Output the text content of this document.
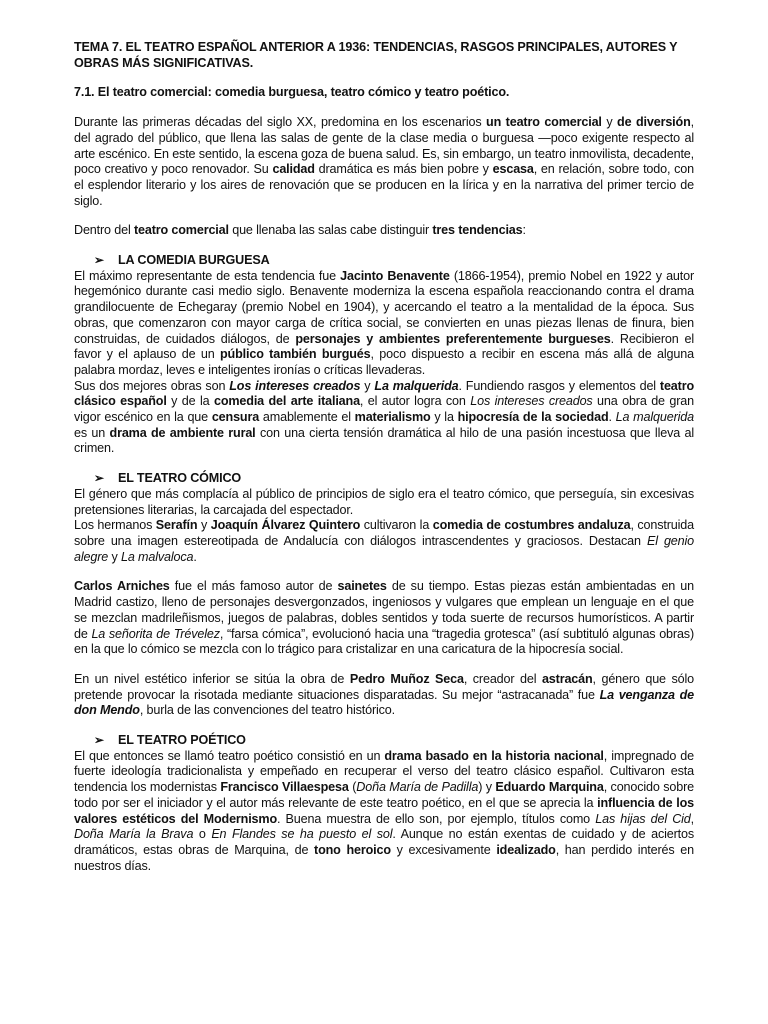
TEMA 7. EL TEATRO ESPAÑOL ANTERIOR A 1936: TENDENCIAS, RASGOS PRINCIPALES, AUTORES Y OBRAS MÁS SIGNIFICATIVAS.
7.1. El teatro comercial: comedia burguesa, teatro cómico y teatro poético.

Durante las primeras décadas del siglo XX, predomina en los escenarios un teatro comercial y de diversión, del agrado del público, que llena las salas de gente de la clase media o burguesa —poco exigente respecto al arte escénico. En este sentido, la escena goza de buena salud. Es, sin embargo, un teatro inmovilista, decadente, poco creativo y poco renovador. Su calidad dramática es más bien pobre y escasa, en relación, sobre todo, con el esplendor literario y los aires de renovación que se producen en la lírica y en la narrativa del primer tercio de siglo.

Dentro del teatro comercial que llenaba las salas cabe distinguir tres tendencias:

➢	LA COMEDIA BURGUESA

El máximo representante de esta tendencia fue Jacinto Benavente (1866-1954), premio Nobel en 1922 y autor hegemónico durante casi medio siglo. Benavente moderniza la escena española reaccionando contra el drama grandilocuente de Echegaray (premio Nobel en 1904), y acercando el teatro a la mentalidad de la época. Sus obras, que comenzaron con mayor carga de crítica social, se convierten en unas piezas llenas de finura, bien construidas, de cuidados diálogos, de personajes y ambientes preferentemente burgueses. Recibieron el favor y el aplauso de un público también burgués, poco dispuesto a recibir en escena más allá de alguna palabra mordaz, leves e inteligentes ironías o críticas llevaderas.

Sus dos mejores obras son Los intereses creados y La malquerida. Fundiendo rasgos y elementos del teatro clásico español y de la comedia del arte italiana, el autor logra con Los intereses creados una obra de gran vigor escénico en la que censura amablemente el materialismo y la hipocresía de la sociedad. La malquerida es un drama de ambiente rural con una cierta tensión dramática al hilo de una pasión incestuosa que lleva al crimen.

➢	EL TEATRO CÓMICO

El género que más complacía al público de principios de siglo era el teatro cómico, que perseguía, sin excesivas pretensiones literarias, la carcajada del espectador.

Los hermanos Serafín y Joaquín Álvarez Quintero cultivaron la comedia de costumbres andaluza, construida sobre una imagen estereotipada de Andalucía con diálogos intrascendentes y graciosos. Destacan El genio alegre y La malvaloca.

Carlos Arniches fue el más famoso autor de sainetes de su tiempo. Estas piezas están ambientadas en un Madrid castizo, lleno de personajes desvergonzados, ingeniosos y vulgares que emplean un lenguaje en el que se mezclan madrileñismos, juegos de palabras, dobles sentidos y toda suerte de recursos humorísticos. A partir de La señorita de Trévelez, “farsa cómica”, evolucionó hacia una “tragedia grotesca” (así subtituló algunas obras) en la que lo cómico se mezcla con lo trágico para cristalizar en una caricatura de la hipocresía social.

En un nivel estético inferior se sitúa la obra de Pedro Muñoz Seca, creador del astracán, género que sólo pretende provocar la risotada mediante situaciones disparatadas. Su mejor “astracanada” fue La venganza de don Mendo, burla de las convenciones del teatro histórico.

➢	EL TEATRO POÉTICO

El que entonces se llamó teatro poético consistió en un drama basado en la historia nacional, impregnado de fuerte ideología tradicionalista y empeñado en recuperar el verso del teatro clásico español. Cultivaron esta tendencia los modernistas Francisco Villaespesa (Doña María de Padilla) y Eduardo Marquina, conocido sobre todo por ser el iniciador y el autor más relevante de este teatro poético, en el que se aprecia la influencia de los valores estéticos del Modernismo. Buena muestra de ello son, por ejemplo, títulos como Las hijas del Cid, Doña María la Brava o En Flandes se ha puesto el sol. Aunque no están exentas de cuidado y de aciertos dramáticos, estas obras de Marquina, de tono heroico y excesivamente idealizado, han perdido interés en nuestros días.
